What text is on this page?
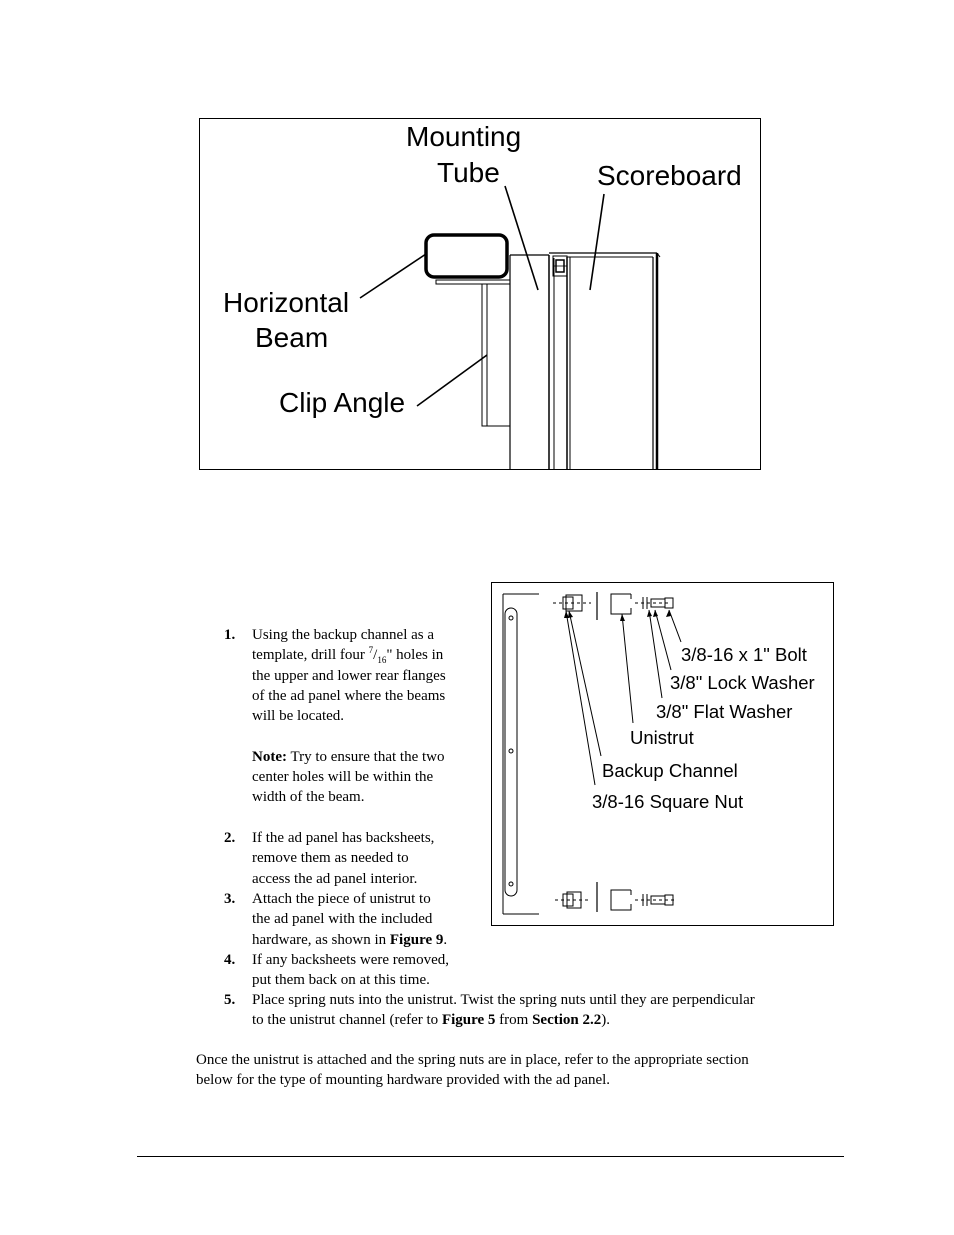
Mounting
Tube	Scoreboard
Horizontal
Beam
Clip Angle
3/8-16 x 1" Bolt
3/8" Lock Washer
3/8" Flat Washer
Unistrut
Backup Channel
3/8-16 Square Nut
1. Using the backup channel as a

template, drill four $^7/_{16}$" holes in

the upper and lower rear flanges

of the ad panel where the beams

will be located.

Note: Try to ensure that the two

center holes will be within the

width of the beam.

2. If the ad panel has backsheets,

remove them as needed to

access the ad panel interior.

3. Attach the piece of unistrut to

the ad panel with the included

hardware, as shown in Figure 9.

4. If any backsheets were removed,

put them back on at this time.

5. Place spring nuts into the unistrut. Twist the spring nuts until they are perpendicular

to the unistrut channel (refer to Figure 5 from Section 2.2).

Once the unistrut is attached and the spring nuts are in place, refer to the appropriate section

below for the type of mounting hardware provided with the ad panel.
